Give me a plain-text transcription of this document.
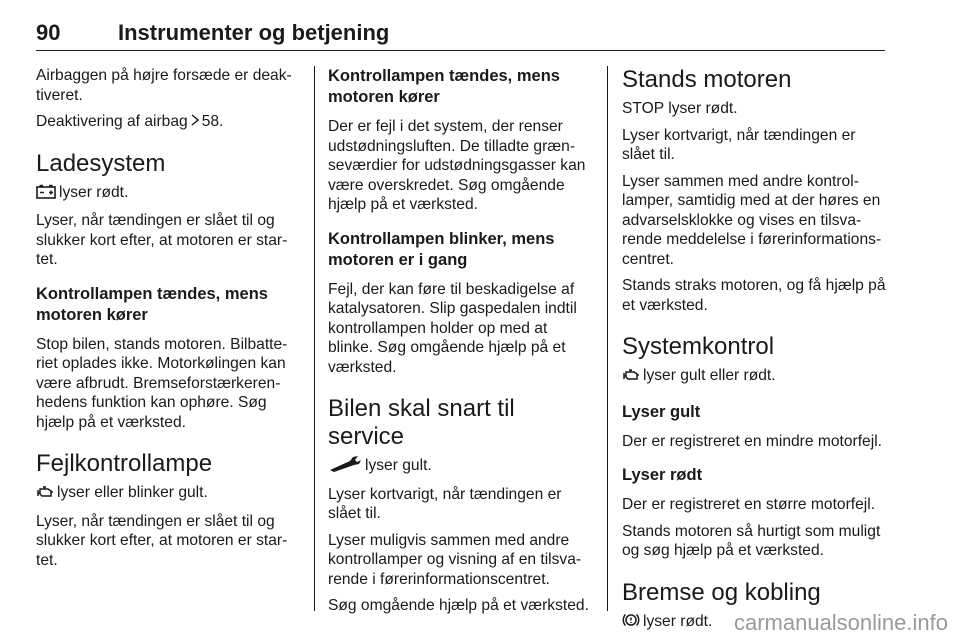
90	Instrumenter og betjening

Airbaggen på højre forsæde er deak-tiveret.

Deaktivering af airbag 58.

Ladesystem

lyser rødt.

Lyser, når tændingen er slået til og slukker kort efter, at motoren er star-tet.

Kontrollampen tændes, mens motoren kører

Stop bilen, stands motoren. Bilbatte-riet oplades ikke. Motorkølingen kan være afbrudt. Bremseforstærkeren-hedens funktion kan ophøre. Søg hjælp på et værksted.

Fejlkontrollampe

lyser eller blinker gult.

Lyser, når tændingen er slået til og slukker kort efter, at motoren er star-tet.

Kontrollampen tændes, mens motoren kører

Der er fejl i det system, der renser udstødningsluften. De tilladte græn-seværdier for udstødningsgasser kan være overskredet. Søg omgående hjælp på et værksted.

Kontrollampen blinker, mens motoren er i gang

Fejl, der kan føre til beskadigelse af katalysatoren. Slip gaspedalen indtil kontrollampen holder op med at blinke. Søg omgående hjælp på et værksted.

Bilen skal snart til service

lyser gult.

Lyser kortvarigt, når tændingen er slået til.

Lyser muligvis sammen med andre kontrollamper og visning af en tilsva-rende i førerinformationscentret.

Søg omgående hjælp på et værksted.

Stands motoren

STOP lyser rødt.

Lyser kortvarigt, når tændingen er slået til.

Lyser sammen med andre kontrol-lamper, samtidig med at der høres en advarselsklokke og vises en tilsva-rende meddelelse i førerinformations-centret.

Stands straks motoren, og få hjælp på et værksted.

Systemkontrol

lyser gult eller rødt.

Lyser gult

Der er registreret en mindre motorfejl.

Lyser rødt

Der er registreret en større motorfejl.

Stands motoren så hurtigt som muligt og søg hjælp på et værksted.

Bremse og kobling

lyser rødt. carmanualsonline.info
